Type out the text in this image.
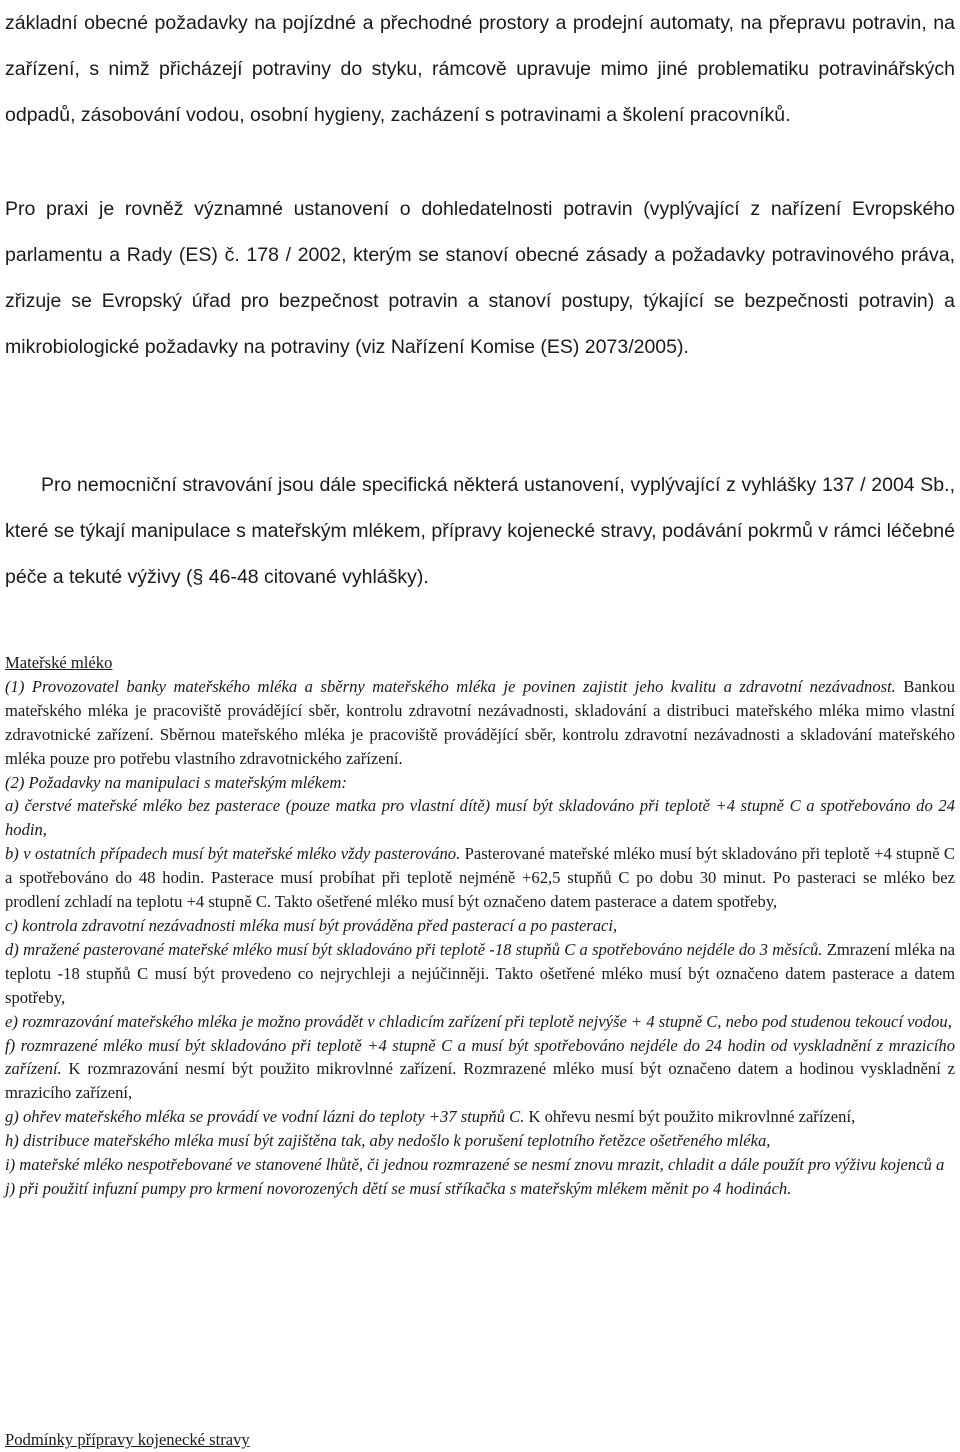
základní obecné požadavky na pojízdné a přechodné prostory a prodejní automaty, na přepravu potravin, na zařízení, s nimž přicházejí potraviny do styku, rámcově upravuje mimo jiné problematiku potravinářských odpadů, zásobování vodou, osobní hygieny, zacházení s potravinami a školení pracovníků.
Pro praxi je rovněž významné ustanovení o dohledatelnosti potravin (vyplývající z nařízení Evropského parlamentu a Rady (ES) č. 178 / 2002, kterým se stanoví obecné zásady a požadavky potravinového práva, zřizuje se Evropský úřad pro bezpečnost potravin a stanoví postupy, týkající se bezpečnosti potravin) a mikrobiologické požadavky na potraviny (viz Nařízení Komise (ES) 2073/2005).
Pro nemocniční stravování jsou dále specifická některá ustanovení, vyplývající z vyhlášky 137 / 2004 Sb., které se týkají manipulace s mateřským mlékem, přípravy kojenecké stravy, podávání pokrmů v rámci léčebné péče a tekuté výživy (§ 46-48 citované vyhlášky).
Mateřské mléko
(1) Provozovatel banky mateřského mléka a sběrny mateřského mléka je povinen zajistit jeho kvalitu a zdravotní nezávadnost. Bankou mateřského mléka je pracoviště provádějící sběr, kontrolu zdravotní nezávadnosti, skladování a distribuci mateřského mléka mimo vlastní zdravotnické zařízení. Sběrnou mateřského mléka je pracoviště provádějící sběr, kontrolu zdravotní nezávadnosti a skladování mateřského mléka pouze pro potřebu vlastního zdravotnického zařízení.
(2) Požadavky na manipulaci s mateřským mlékem:
a) čerstvé mateřské mléko bez pasterace (pouze matka pro vlastní dítě) musí být skladováno při teplotě +4 stupně C a spotřebováno do 24 hodin,
b) v ostatních případech musí být mateřské mléko vždy pasterováno. Pasterované mateřské mléko musí být skladováno při teplotě +4 stupně C a spotřebováno do 48 hodin. Pasterace musí probíhat při teplotě nejméně +62,5 stupňů C po dobu 30 minut. Po pasteraci se mléko bez prodlení zchladí na teplotu +4 stupně C. Takto ošetřené mléko musí být označeno datem pasterace a datem spotřeby,
c) kontrola zdravotní nezávadnosti mléka musí být prováděna před pasterací a po pasteraci,
d) mražené pasterované mateřské mléko musí být skladováno při teplotě -18 stupňů C a spotřebováno nejdéle do 3 měsíců. Zmrazení mléka na teplotu -18 stupňů C musí být provedeno co nejrychleji a nejúčinněji. Takto ošetřené mléko musí být označeno datem pasterace a datem spotřeby,
e) rozmrazování mateřského mléka je možno provádět v chladicím zařízení při teplotě nejvýše + 4 stupně C, nebo pod studenou tekoucí vodou,
f) rozmrazené mléko musí být skladováno při teplotě +4 stupně C a musí být spotřebováno nejdéle do 24 hodin od vyskladnění z mrazicího zařízení. K rozmrazování nesmí být použito mikrovlnné zařízení. Rozmrazené mléko musí být označeno datem a hodinou vyskladnění z mrazicího zařízení,
g) ohřev mateřského mléka se provádí ve vodní lázni do teploty +37 stupňů C. K ohřevu nesmí být použito mikrovlnné zařízení,
h) distribuce mateřského mléka musí být zajištěna tak, aby nedošlo k porušení teplotního řetězce ošetřeného mléka,
i) mateřské mléko nespotřebované ve stanovené lhůtě, či jednou rozmrazené se nesmí znovu mrazit, chladit a dále použít pro výživu kojenců a
j) při použití infuzní pumpy pro krmení novorozených dětí se musí stříkačka s mateřským mlékem měnit po 4 hodinách.
Podmínky přípravy kojenecké stravy
